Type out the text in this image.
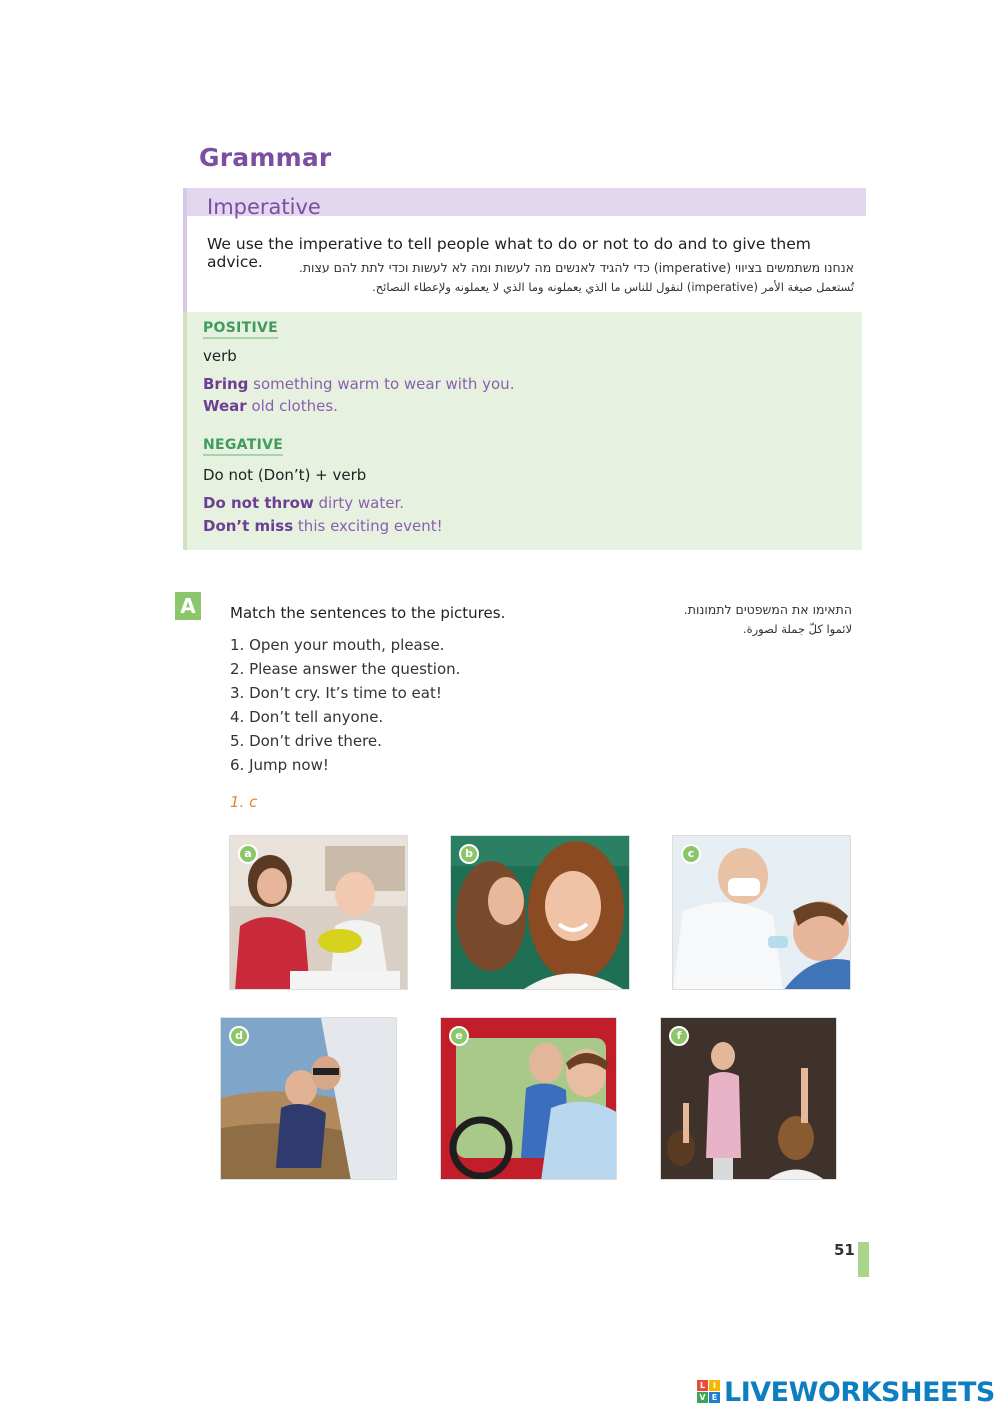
Grammar
Imperative
We use the imperative to tell people what to do or not to do and to give them advice.	אנחנו משתמשים בציווי (imperative) כדי להגיד לאנשים מה לעשות ומה לא לעשות וכדי לתת להם עצות.
تُستعمل صيغة الأمر (imperative) لنقول للناس ما الذي يعملونه وما الذي لا يعملونه ولإعطاء النصائح.
POSITIVE
verb
Bring something warm to wear with you.
Wear old clothes.
NEGATIVE
Do not (Don’t) + verb
Do not throw dirty water.
Don’t miss this exciting event!
A	Match the sentences to the pictures.	התאימו את המשפטים לתמונות.
لائموا كلّ جملة لصورة.
1. Open your mouth, please.
2. Please answer the question.
3. Don’t cry. It’s time to eat!
4. Don’t tell anyone.
5. Don’t drive there.
6. Jump now!
1. c
a	b	c
d	e	f
51
L I
V E LIVEWORKSHEETS
